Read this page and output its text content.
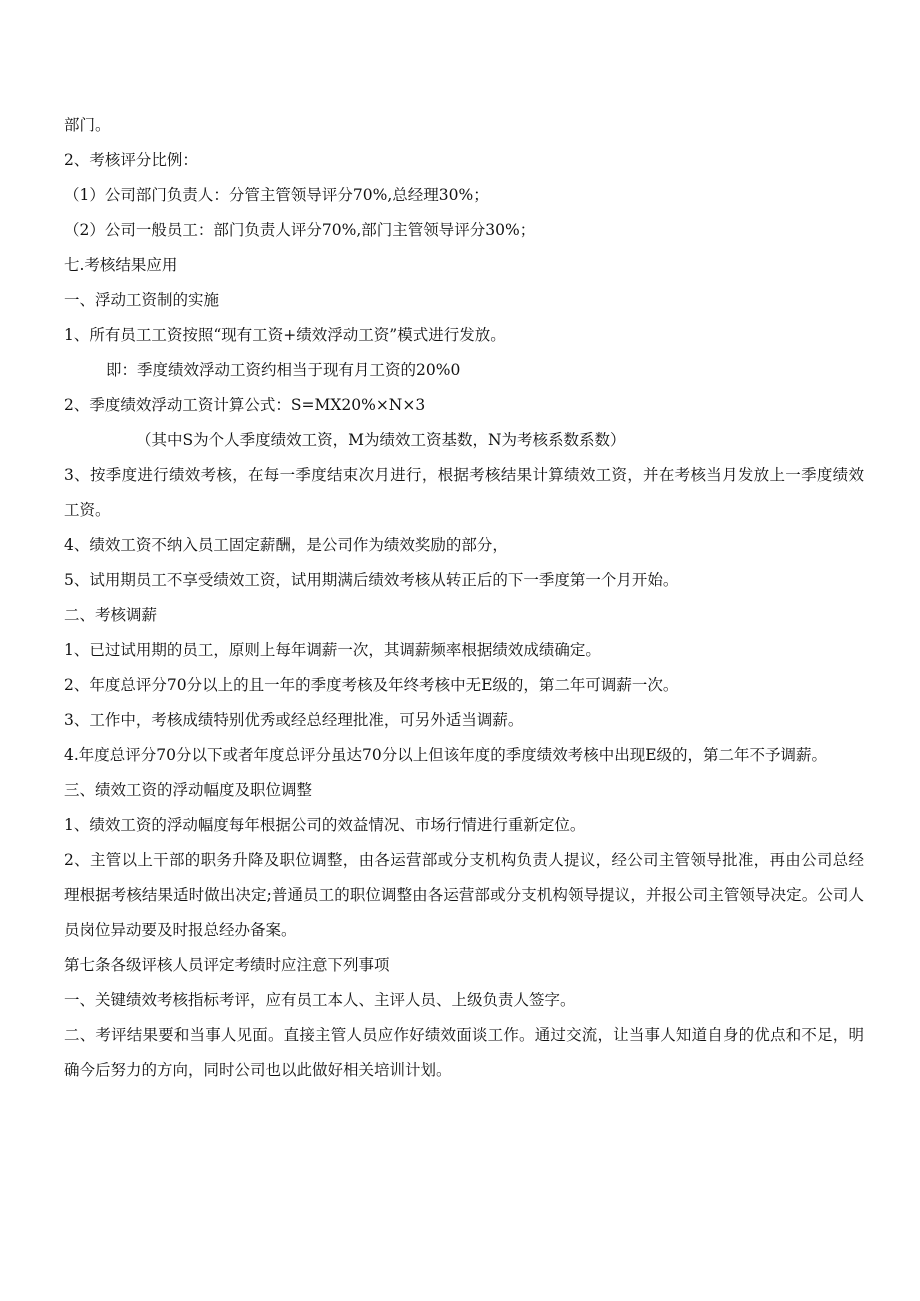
部门。

2、考核评分比例：

（1）公司部门负责人：分管主管领导评分70%,总经理30%；

（2）公司一般员工：部门负责人评分70%,部门主管领导评分30%；

七.考核结果应用

一、浮动工资制的实施

1、所有员工工资按照“现有工资+绩效浮动工资”模式进行发放。

即：季度绩效浮动工资约相当于现有月工资的20%0

2、季度绩效浮动工资计算公式：S=MX20%×N×3

（其中S为个人季度绩效工资，M为绩效工资基数，N为考核系数系数）

3、按季度进行绩效考核，在每一季度结束次月进行，根据考核结果计算绩效工资，并在考核当月发放上一季度绩效工资。

4、绩效工资不纳入员工固定薪酬，是公司作为绩效奖励的部分，

5、试用期员工不享受绩效工资，试用期满后绩效考核从转正后的下一季度第一个月开始。

二、考核调薪

1、已过试用期的员工，原则上每年调薪一次，其调薪频率根据绩效成绩确定。

2、年度总评分70分以上的且一年的季度考核及年终考核中无E级的，第二年可调薪一次。

3、工作中，考核成绩特别优秀或经总经理批准，可另外适当调薪。

4.年度总评分70分以下或者年度总评分虽达70分以上但该年度的季度绩效考核中出现E级的，第二年不予调薪。

三、绩效工资的浮动幅度及职位调整

1、绩效工资的浮动幅度每年根据公司的效益情况、市场行情进行重新定位。

2、主管以上干部的职务升降及职位调整，由各运营部或分支机构负责人提议，经公司主管领导批准，再由公司总经理根据考核结果适时做出决定;普通员工的职位调整由各运营部或分支机构领导提议，并报公司主管领导决定。公司人员岗位异动要及时报总经办备案。

第七条各级评核人员评定考绩时应注意下列事项

一、关键绩效考核指标考评，应有员工本人、主评人员、上级负责人签字。

二、考评结果要和当事人见面。直接主管人员应作好绩效面谈工作。通过交流，让当事人知道自身的优点和不足，明确今后努力的方向，同时公司也以此做好相关培训计划。
